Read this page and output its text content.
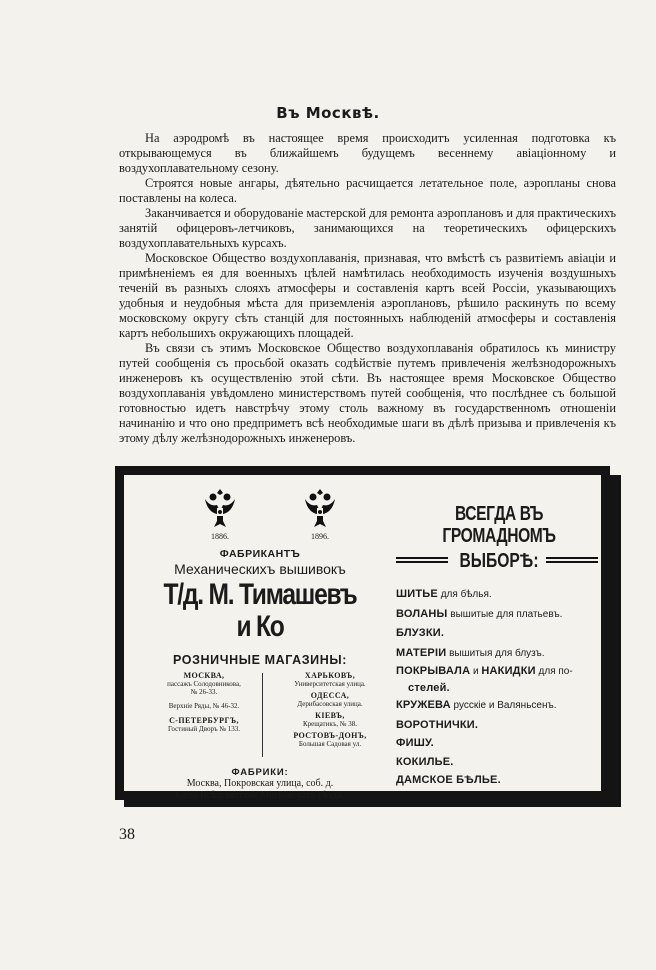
Въ Москвѣ.

На аэродромѣ въ настоящее время происходитъ усиленная подготовка къ открывающемуся въ ближайшемъ будущемъ весеннему авіаціонному и воздухоплавательному сезону.

Строятся новые ангары, дѣятельно расчищается летательное поле, аэропланы снова поставлены на колеса.

Заканчивается и оборудованіе мастерской для ремонта аэроплановъ и для практическихъ занятій офицеровъ-летчиковъ, занимающихся на теоретическихъ офицерскихъ воздухоплавательныхъ курсахъ.

Московское Общество воздухоплаванія, признавая, что вмѣстѣ съ развитіемъ авіаціи и примѣненіемъ ея для военныхъ цѣлей намѣтилась необходимость изученія воздушныхъ теченій въ разныхъ слояхъ атмосферы и составленія картъ всей Россіи, указывающихъ удобныя и неудобныя мѣста для приземленія аэроплановъ, рѣшило раскинуть по всему московскому округу сѣть станцій для постоянныхъ наблюденій атмосферы и составленія картъ небольшихъ окружающихъ площадей.

Въ связи съ этимъ Московское Общество воздухоплаванія обратилось къ министру путей сообщенія съ просьбой оказать содѣйствіе путемъ привлеченія желѣзнодорожныхъ инженеровъ къ осуществленію этой сѣти. Въ настоящее время Московское Общество воздухоплаванія увѣдомлено министерствомъ путей сообщенія, что послѣднее съ большой готовностью идетъ навстрѣчу этому столь важному въ государственномъ отношеніи начинанію и что оно предприметъ всѣ необходимые шаги въ дѣлѣ призыва и привлеченія къ этому дѣлу желѣзнодорожныхъ инженеровъ.

1886.	1896.
ФАБРИКАНТЪ
Механическихъ вышивокъ
Т/д. М. Тимашевъ и Ко
РОЗНИЧНЫЕ МАГАЗИНЫ:
МОСКВА,
пассажъ Солодовникова,
№ 26-33.
Верхніе Ряды, № 46-32.
С-ПЕТЕРБУРГЪ,
Гостиный Дворъ № 133.
ХАРЬКОВЪ,
Университетская улица.
ОДЕССА,
Дерибасовская улица.
КІЕВЪ,
Крещатикъ, № 38.
РОСТОВЪ-ДОНЪ,
Большая Садовая ул.
ФАБРИКИ:
Москва, Покровская улица, соб. д.
Село Всѣхсвятское Московскаго уѣзда.
ВСЕГДА ВЪ ГРОМАДНОМЪ
ВЫБОРѢ:
ШИТЬЕ для бѣлья.
ВОЛАНЫ вышитые для платьевъ.
БЛУЗКИ.
МАТЕРІИ вышитыя для блузъ.
ПОКРЫВАЛА и НАКИДКИ для по-
стелей.
КРУЖЕВА русскіе и Валяньсенъ.
ВОРОТНИЧКИ.
ФИШУ.
КОКИЛЬЕ.
ДАМСКОЕ БѢЛЬЕ.
38
